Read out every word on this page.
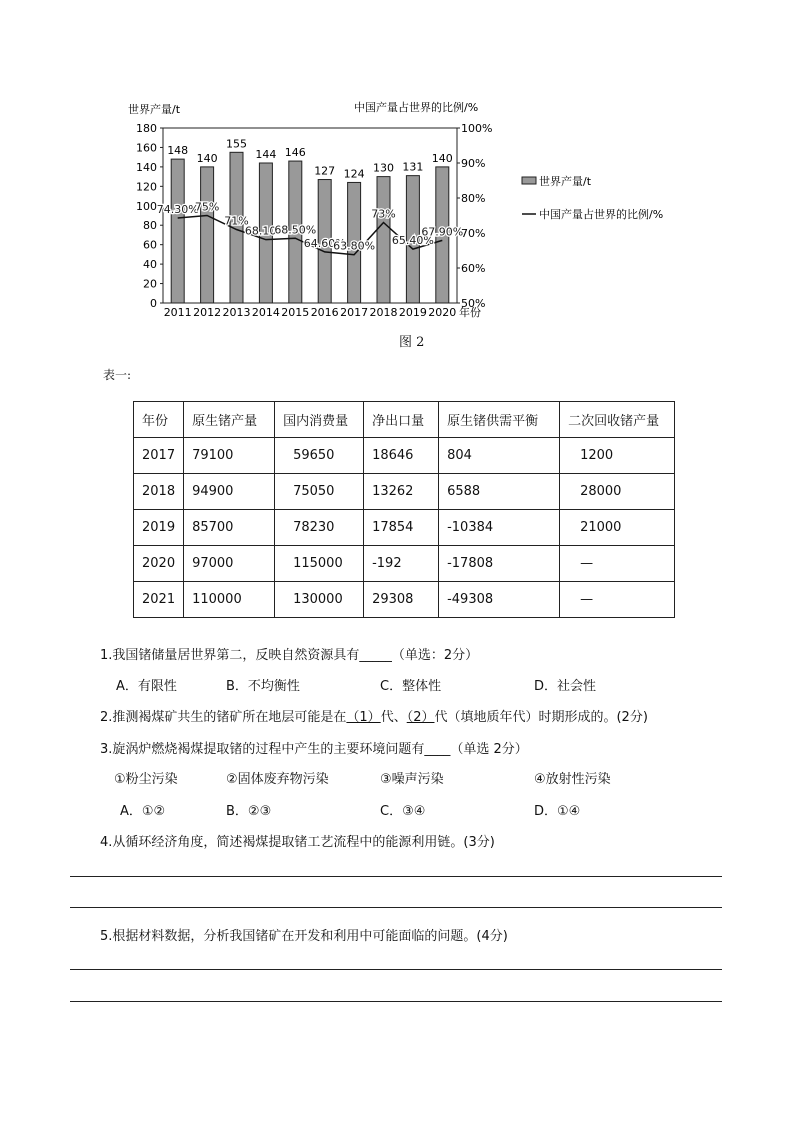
世界产量/t	中国产量占世界的比例/%
0
20
40
60
80
100
120
140
160
180
50%
60%
70%
80%
90%
100%
148
140
155
144 146
127 124 130 131
140
74.30%
75%
71%
68.10%
68.50%
64.60%
63.80%
73%
65.40%
67.90%
2011 2012 2013 2014 2015 2016 2017 2018 2019 2020 年份
世界产量/t
中国产量占世界的比例/%
图 2
表一:
年份	原生锗产量	国内消费量	净出口量	原生锗供需平衡	二次回收锗产量
2017	79100	59650	18646	804	1200
2018	94900	75050	13262	6588	28000
2019	85700	78230	17854	-10384	21000
2020	97000	115000	-192	-17808	—
2021	110000	130000	29308	-49308	—
1.我国锗储量居世界第二，反映自然资源具有_____（单选：2分）
A．有限性	B．不均衡性	C．整体性	D．社会性
2.推测褐煤矿共生的锗矿所在地层可能是在（1）代、（2）代（填地质年代）时期形成的。(2分)
3.旋涡炉燃烧褐煤提取锗的过程中产生的主要环境问题有____（单选 2分）
①粉尘污染	②固体废弃物污染	③噪声污染	④放射性污染
A．①②	B．②③	C．③④	D．①④
4.从循环经济角度，简述褐煤提取锗工艺流程中的能源利用链。(3分)
5.根据材料数据，分析我国锗矿在开发和利用中可能面临的问题。(4分)
